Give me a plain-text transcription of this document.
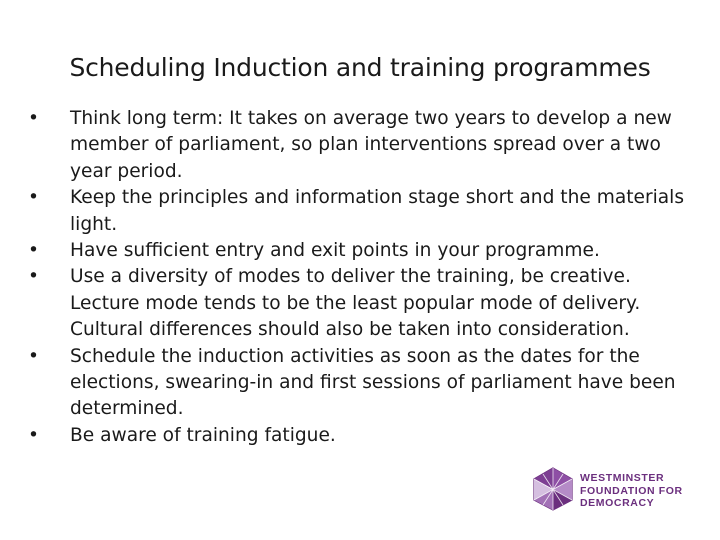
Scheduling Induction and training programmes
•	Think long term: It takes on average two years to develop a new member of parliament, so plan interventions spread over a two year period.
•	Keep the principles and information stage short and the materials light.
•	Have sufficient entry and exit points in your programme.
•	Use a diversity of modes to deliver the training, be creative. Lecture mode tends to be the least popular mode of delivery. Cultural differences should also be taken into consideration.
•	Schedule the induction activities as soon as the dates for the elections, swearing-in and first sessions of parliament have been determined.
•	Be aware of training fatigue.
WESTMINSTER
FOUNDATION FOR
DEMOCRACY
